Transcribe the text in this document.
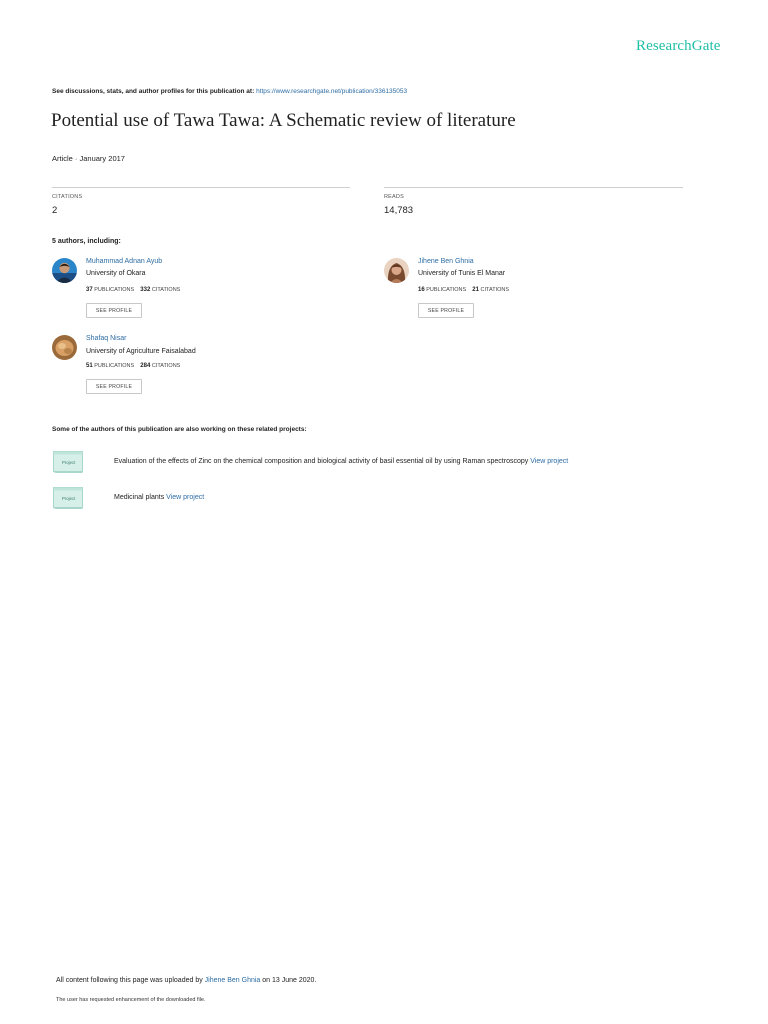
ResearchGate
See discussions, stats, and author profiles for this publication at: https://www.researchgate.net/publication/336135053
Potential use of Tawa Tawa: A Schematic review of literature
Article · January 2017
CITATIONS
2
READS
14,783
5 authors, including:
Muhammad Adnan Ayub
University of Okara
37 PUBLICATIONS 332 CITATIONS
SEE PROFILE
Jihene Ben Ghnia
University of Tunis El Manar
16 PUBLICATIONS 21 CITATIONS
SEE PROFILE
Shafaq Nisar
University of Agriculture Faisalabad
51 PUBLICATIONS 284 CITATIONS
SEE PROFILE
Some of the authors of this publication are also working on these related projects:
Project	Evaluation of the effects of Zinc on the chemical composition and biological activity of basil essential oil by using Raman spectroscopy View project
Project	Medicinal plants View project
All content following this page was uploaded by Jihene Ben Ghnia on 13 June 2020.
The user has requested enhancement of the downloaded file.
